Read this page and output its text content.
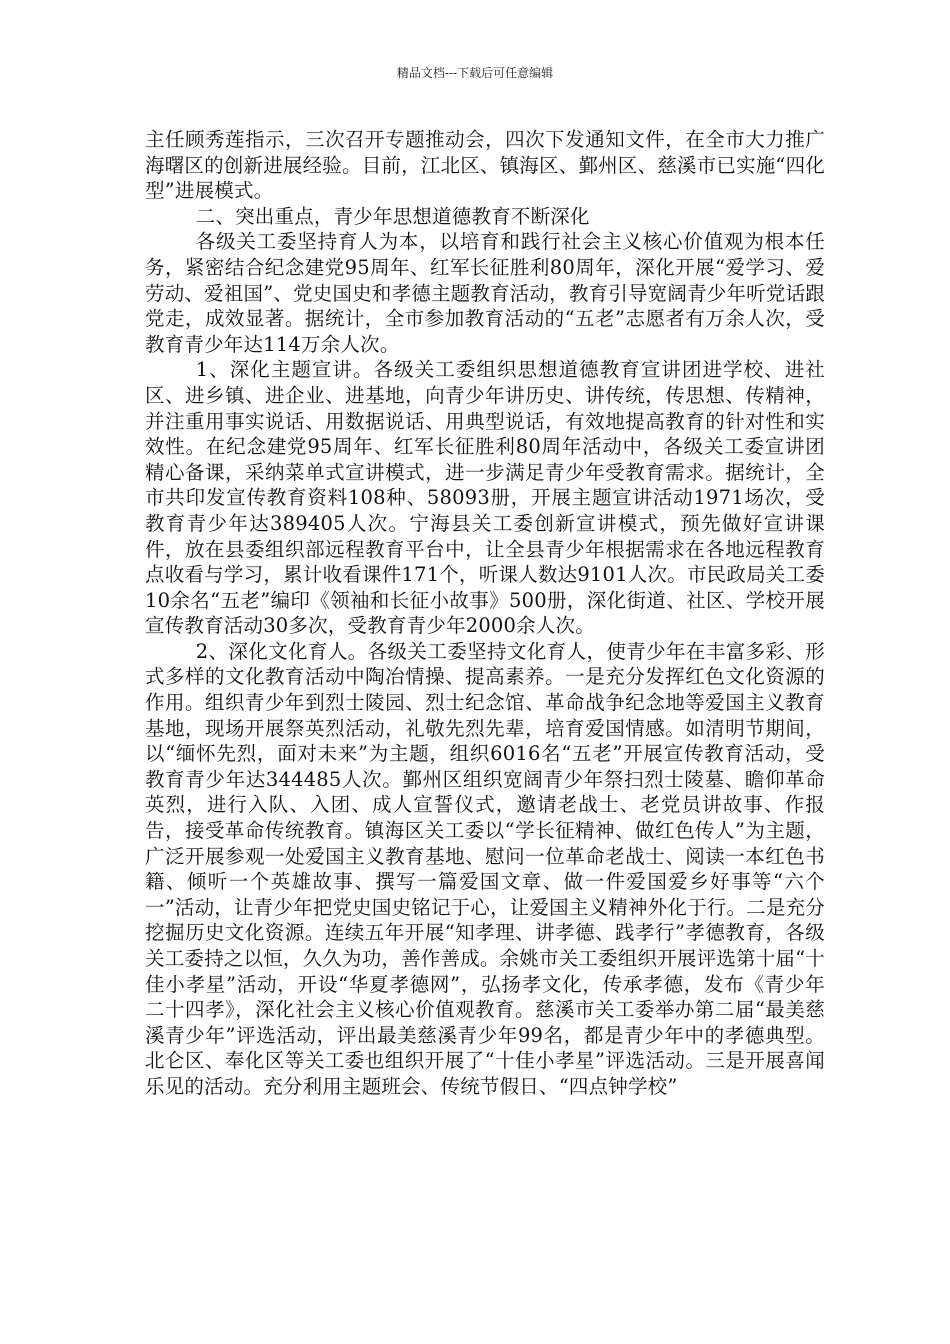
精品文档---下载后可任意编辑

主任顾秀莲指示，三次召开专题推动会，四次下发通知文件，在全市大力推广海曙区的创新进展经验。目前，江北区、镇海区、鄞州区、慈溪市已实施“四化型”进展模式。

二、突出重点，青少年思想道德教育不断深化

各级关工委坚持育人为本，以培育和践行社会主义核心价值观为根本任务，紧密结合纪念建党95周年、红军长征胜利80周年，深化开展“爱学习、爱劳动、爱祖国”、党史国史和孝德主题教育活动，教育引导宽阔青少年听党话跟党走，成效显著。据统计，全市参加教育活动的“五老”志愿者有万余人次，受教育青少年达114万余人次。

1、深化主题宣讲。各级关工委组织思想道德教育宣讲团进学校、进社区、进乡镇、进企业、进基地，向青少年讲历史、讲传统，传思想、传精神，并注重用事实说话、用数据说话、用典型说话，有效地提高教育的针对性和实效性。在纪念建党95周年、红军长征胜利80周年活动中，各级关工委宣讲团精心备课，采纳菜单式宣讲模式，进一步满足青少年受教育需求。据统计，全市共印发宣传教育资料108种、58093册，开展主题宣讲活动1971场次，受教育青少年达389405人次。宁海县关工委创新宣讲模式，预先做好宣讲课件，放在县委组织部远程教育平台中，让全县青少年根据需求在各地远程教育点收看与学习，累计收看课件171个，听课人数达9101人次。市民政局关工委10余名“五老”编印《领袖和长征小故事》500册，深化街道、社区、学校开展宣传教育活动30多次，受教育青少年2000余人次。

2、深化文化育人。各级关工委坚持文化育人，使青少年在丰富多彩、形式多样的文化教育活动中陶冶情操、提高素养。一是充分发挥红色文化资源的作用。组织青少年到烈士陵园、烈士纪念馆、革命战争纪念地等爱国主义教育基地，现场开展祭英烈活动，礼敬先烈先辈，培育爱国情感。如清明节期间，以“缅怀先烈，面对未来”为主题，组织6016名“五老”开展宣传教育活动，受教育青少年达344485人次。鄞州区组织宽阔青少年祭扫烈士陵墓、瞻仰革命英烈，进行入队、入团、成人宣誓仪式，邀请老战士、老党员讲故事、作报告，接受革命传统教育。镇海区关工委以“学长征精神、做红色传人”为主题，广泛开展参观一处爱国主义教育基地、慰问一位革命老战士、阅读一本红色书籍、倾听一个英雄故事、撰写一篇爱国文章、做一件爱国爱乡好事等“六个一”活动，让青少年把党史国史铭记于心，让爱国主义精神外化于行。二是充分挖掘历史文化资源。连续五年开展“知孝理、讲孝德、践孝行”孝德教育，各级关工委持之以恒，久久为功，善作善成。余姚市关工委组织开展评选第十届“十佳小孝星”活动，开设“华夏孝德网”，弘扬孝文化，传承孝德，发布《青少年二十四孝》，深化社会主义核心价值观教育。慈溪市关工委举办第二届“最美慈溪青少年”评选活动，评出最美慈溪青少年99名，都是青少年中的孝德典型。北仑区、奉化区等关工委也组织开展了“十佳小孝星”评选活动。三是开展喜闻乐见的活动。充分利用主题班会、传统节假日、“四点钟学校”
